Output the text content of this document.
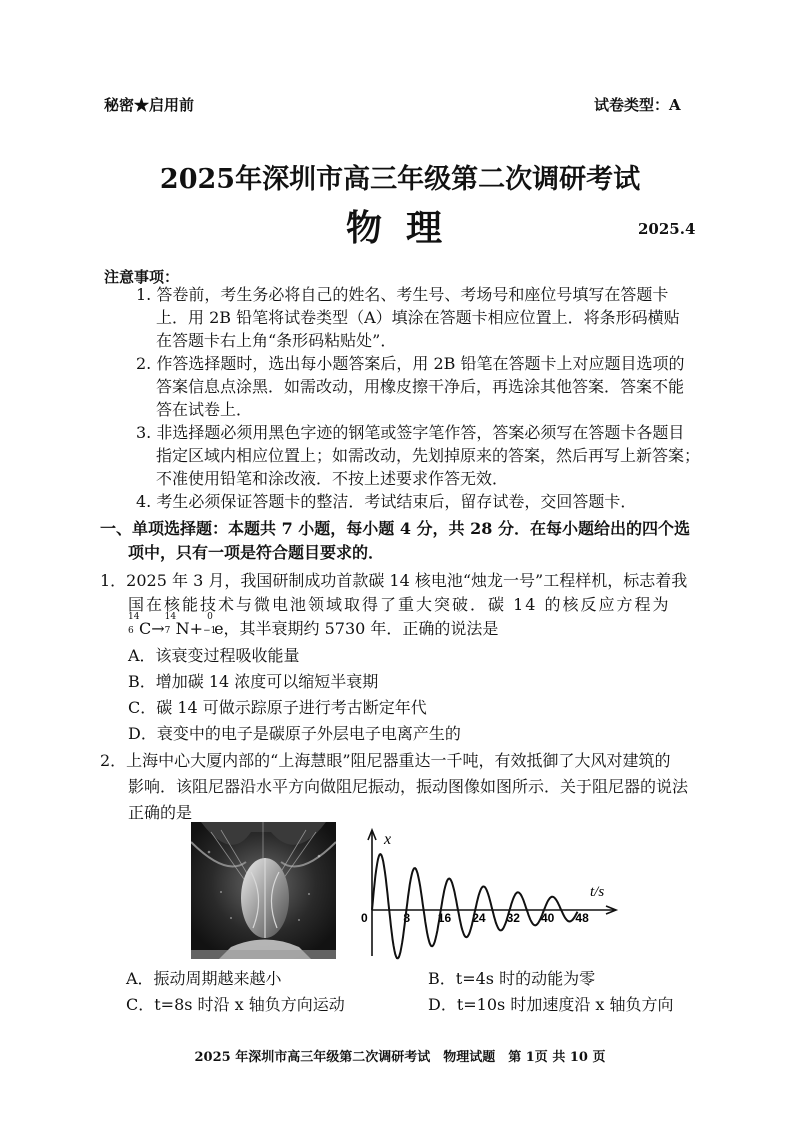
秘密★启用前	试卷类型：A
2025年深圳市高三年级第二次调研考试
物理	2025.4
注意事项：
1. 答卷前，考生务必将自己的姓名、考生号、考场号和座位号填写在答题卡
上．用 2B 铅笔将试卷类型（A）填涂在答题卡相应位置上．将条形码横贴
在答题卡右上角“条形码粘贴处”．
2. 作答选择题时，选出每小题答案后，用 2B 铅笔在答题卡上对应题目选项的
答案信息点涂黑．如需改动，用橡皮擦干净后，再选涂其他答案．答案不能
答在试卷上．
3. 非选择题必须用黑色字迹的钢笔或签字笔作答，答案必须写在答题卡各题目
指定区域内相应位置上；如需改动，先划掉原来的答案，然后再写上新答案；
不准使用铅笔和涂改液．不按上述要求作答无效．
4. 考生必须保证答题卡的整洁．考试结束后，留存试卷，交回答题卡．
一、单项选择题：本题共 7 小题，每小题 4 分，共 28 分．在每小题给出的四个选
项中，只有一项是符合题目要求的．
1．2025 年 3 月，我国研制成功首款碳 14 核电池“烛龙一号”工程样机，标志着我
国在核能技术与微电池领域取得了重大突破．碳 14 的核反应方程为
14
6 C→
14
7 N+
0
−1
e，其半衰期约 5730 年．正确的说法是
A．该衰变过程吸收能量
B．增加碳 14 浓度可以缩短半衰期
C．碳 14 可做示踪原子进行考古断定年代
D．衰变中的电子是碳原子外层电子电离产生的
2．上海中心大厦内部的“上海慧眼”阻尼器重达一千吨，有效抵御了大风对建筑的
影响．该阻尼器沿水平方向做阻尼振动，振动图像如图所示．关于阻尼器的说法
正确的是
x
t/s
0	8 16 24 32 40 48
A．振动周期越来越小	B．t=4s 时的动能为零
C．t=8s 时沿 x 轴负方向运动	D．t=10s 时加速度沿 x 轴负方向
2025 年深圳市高三年级第二次调研考试　物理试题　第 1页 共 10 页
